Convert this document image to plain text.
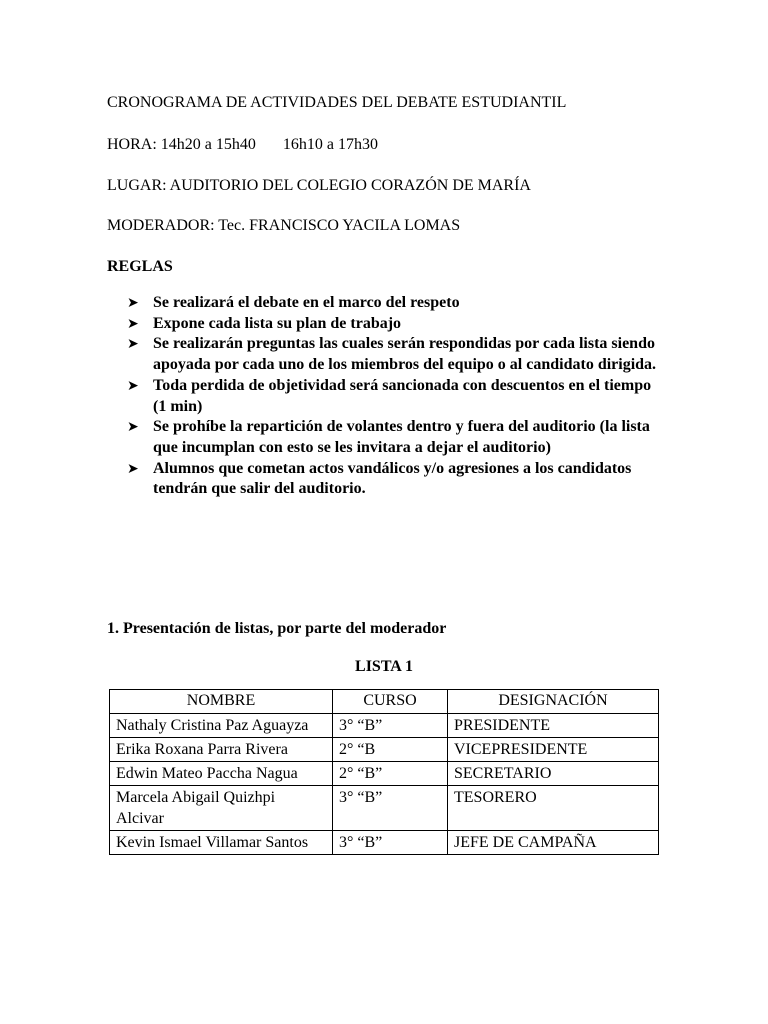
CRONOGRAMA DE ACTIVIDADES DEL DEBATE ESTUDIANTIL
HORA: 14h20 a 15h40 16h10 a 17h30
LUGAR: AUDITORIO DEL COLEGIO CORAZÓN DE MARÍA
MODERADOR: Tec. FRANCISCO YACILA LOMAS
REGLAS
➤ Se realizará el debate en el marco del respeto
➤ Expone cada lista su plan de trabajo
➤ Se realizarán preguntas las cuales serán respondidas por cada lista siendo apoyada por cada uno de los miembros del equipo o al candidato dirigida.
➤ Toda perdida de objetividad será sancionada con descuentos en el tiempo (1 min)
➤ Se prohíbe la repartición de volantes dentro y fuera del auditorio (la lista que incumplan con esto se les invitara a dejar el auditorio)
➤ Alumnos que cometan actos vandálicos y/o agresiones a los candidatos tendrán que salir del auditorio.
1. Presentación de listas, por parte del moderador
LISTA 1
NOMBRE	CURSO	DESIGNACIÓN
Nathaly Cristina Paz Aguayza	3° “B”	PRESIDENTE
Erika Roxana Parra Rivera	2° “B	VICEPRESIDENTE
Edwin Mateo Paccha Nagua	2° “B”	SECRETARIO
Marcela Abigail Quizhpi Alcivar	3° “B”	TESORERO
Kevin Ismael Villamar Santos	3° “B”	JEFE DE CAMPAÑA
